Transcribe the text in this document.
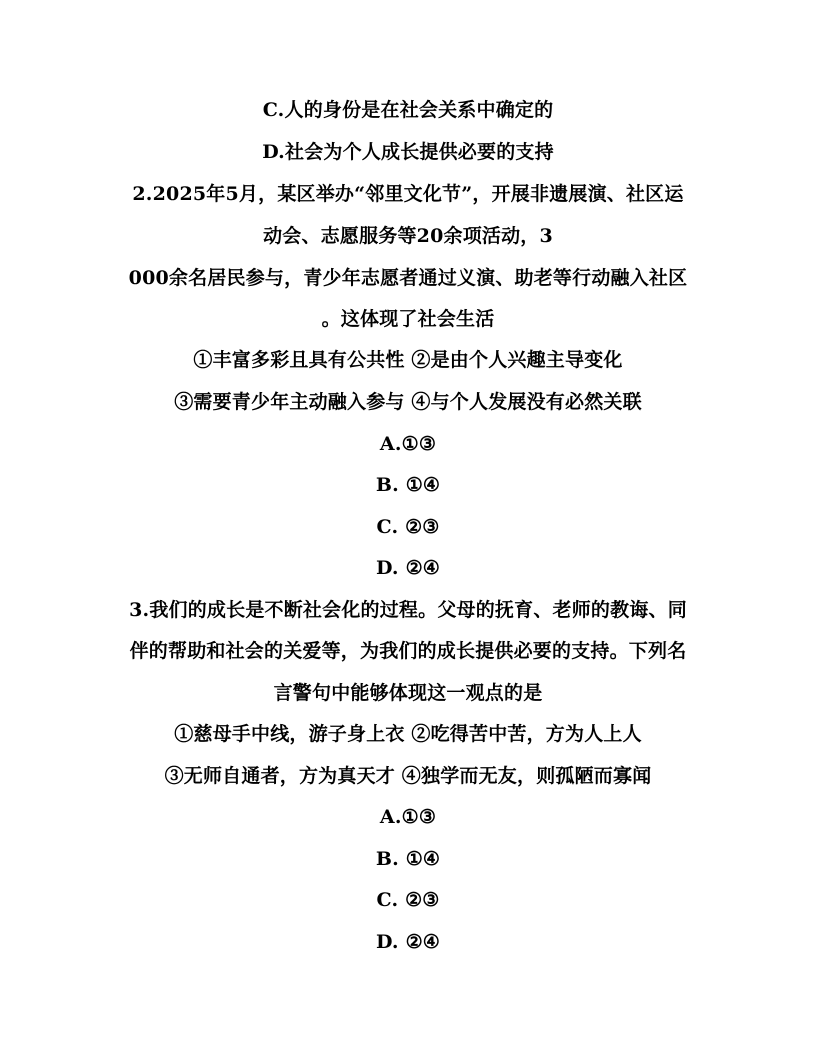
C.人的身份是在社会关系中确定的
D.社会为个人成长提供必要的支持
2.2025年5月，某区举办“邻里文化节”，开展非遗展演、社区运
动会、志愿服务等20余项活动，3
000余名居民参与，青少年志愿者通过义演、助老等行动融入社区
。这体现了社会生活
①丰富多彩且具有公共性 ②是由个人兴趣主导变化
③需要青少年主动融入参与 ④与个人发展没有必然关联
A.①③
B. ①④
C. ②③
D. ②④
3.我们的成长是不断社会化的过程。父母的抚育、老师的教诲、同
伴的帮助和社会的关爱等，为我们的成长提供必要的支持。下列名
言警句中能够体现这一观点的是
①慈母手中线，游子身上衣 ②吃得苦中苦，方为人上人
③无师自通者，方为真天才 ④独学而无友，则孤陋而寡闻
A.①③
B. ①④
C. ②③
D. ②④
